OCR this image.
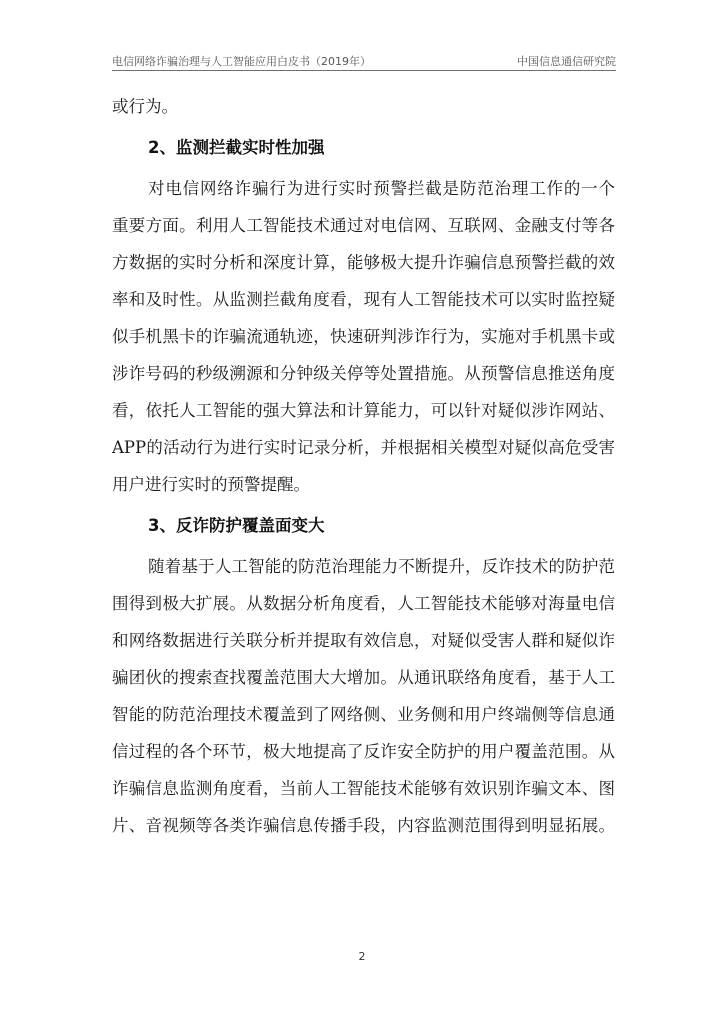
电信网络诈骗治理与人工智能应用白皮书（2019年）	中国信息通信研究院
或行为。
2、监测拦截实时性加强
对电信网络诈骗行为进行实时预警拦截是防范治理工作的一个
重要方面。利用人工智能技术通过对电信网、互联网、金融支付等各
方数据的实时分析和深度计算，能够极大提升诈骗信息预警拦截的效
率和及时性。从监测拦截角度看，现有人工智能技术可以实时监控疑
似手机黑卡的诈骗流通轨迹，快速研判涉诈行为，实施对手机黑卡或
涉诈号码的秒级溯源和分钟级关停等处置措施。从预警信息推送角度
看，依托人工智能的强大算法和计算能力，可以针对疑似涉诈网站、
APP的活动行为进行实时记录分析，并根据相关模型对疑似高危受害
用户进行实时的预警提醒。
3、反诈防护覆盖面变大
随着基于人工智能的防范治理能力不断提升，反诈技术的防护范
围得到极大扩展。从数据分析角度看，人工智能技术能够对海量电信
和网络数据进行关联分析并提取有效信息，对疑似受害人群和疑似诈
骗团伙的搜索查找覆盖范围大大增加。从通讯联络角度看，基于人工
智能的防范治理技术覆盖到了网络侧、业务侧和用户终端侧等信息通
信过程的各个环节，极大地提高了反诈安全防护的用户覆盖范围。从
诈骗信息监测角度看，当前人工智能技术能够有效识别诈骗文本、图
片、音视频等各类诈骗信息传播手段，内容监测范围得到明显拓展。
2
